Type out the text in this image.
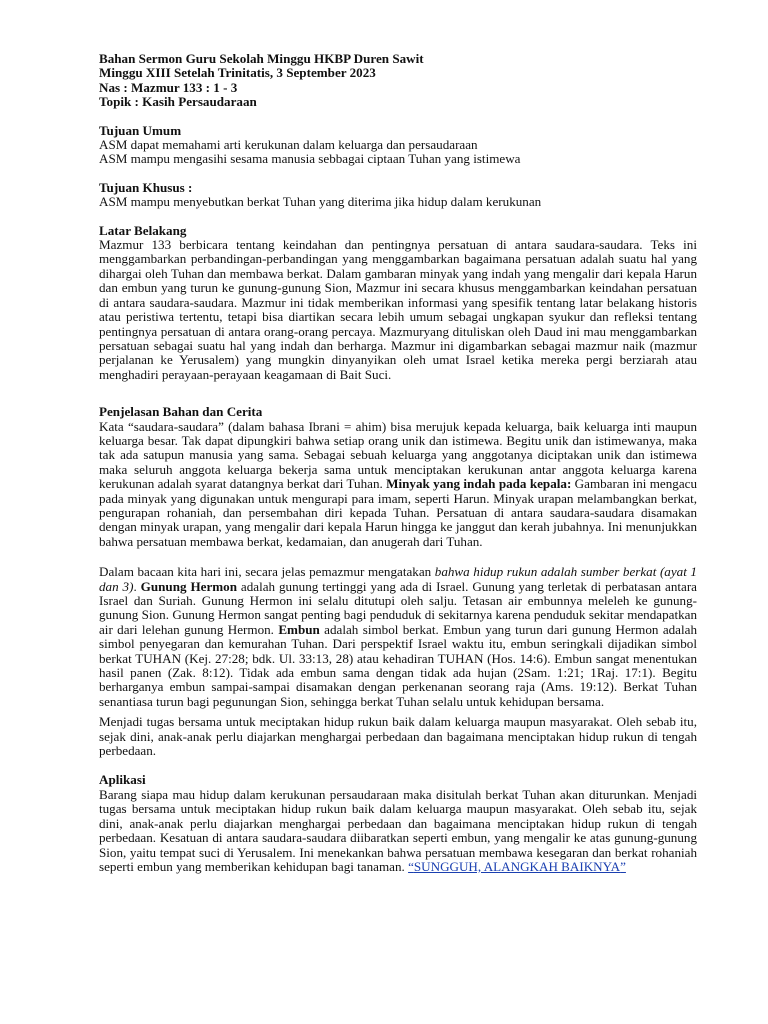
Bahan Sermon Guru Sekolah Minggu HKBP Duren Sawit
Minggu XIII Setelah Trinitatis, 3 September 2023
Nas : Mazmur 133 : 1 - 3
Topik : Kasih Persaudaraan
Tujuan Umum
ASM dapat memahami arti kerukunan dalam keluarga dan persaudaraan
ASM mampu mengasihi sesama manusia sebbagai ciptaan Tuhan yang istimewa
Tujuan Khusus :
ASM mampu menyebutkan berkat Tuhan yang diterima jika hidup dalam kerukunan
Latar Belakang

Mazmur 133 berbicara tentang keindahan dan pentingnya persatuan di antara saudara-saudara. Teks ini menggambarkan perbandingan-perbandingan yang menggambarkan bagaimana persatuan adalah suatu hal yang dihargai oleh Tuhan dan membawa berkat. Dalam gambaran minyak yang indah yang mengalir dari kepala Harun dan embun yang turun ke gunung-gunung Sion, Mazmur ini secara khusus menggambarkan keindahan persatuan di antara saudara-saudara. Mazmur ini tidak memberikan informasi yang spesifik tentang latar belakang historis atau peristiwa tertentu, tetapi bisa diartikan secara lebih umum sebagai ungkapan syukur dan refleksi tentang pentingnya persatuan di antara orang-orang percaya. Mazmuryang dituliskan oleh Daud ini mau menggambarkan persatuan sebagai suatu hal yang indah dan berharga. Mazmur ini digambarkan sebagai mazmur naik (mazmur perjalanan ke Yerusalem) yang mungkin dinyanyikan oleh umat Israel ketika mereka pergi berziarah atau menghadiri perayaan-perayaan keagamaan di Bait Suci.

Penjelasan Bahan dan Cerita

Kata “saudara-saudara” (dalam bahasa Ibrani = ahim) bisa merujuk kepada keluarga, baik keluarga inti maupun keluarga besar. Tak dapat dipungkiri bahwa setiap orang unik dan istimewa. Begitu unik dan istimewanya, maka tak ada satupun manusia yang sama. Sebagai sebuah keluarga yang anggotanya diciptakan unik dan istimewa maka seluruh anggota keluarga bekerja sama untuk menciptakan kerukunan antar anggota keluarga karena kerukunan adalah syarat datangnya berkat dari Tuhan. Minyak yang indah pada kepala: Gambaran ini mengacu pada minyak yang digunakan untuk mengurapi para imam, seperti Harun. Minyak urapan melambangkan berkat, pengurapan rohaniah, dan persembahan diri kepada Tuhan. Persatuan di antara saudara-saudara disamakan dengan minyak urapan, yang mengalir dari kepala Harun hingga ke janggut dan kerah jubahnya. Ini menunjukkan bahwa persatuan membawa berkat, kedamaian, dan anugerah dari Tuhan.

Dalam bacaan kita hari ini, secara jelas pemazmur mengatakan bahwa hidup rukun adalah sumber berkat (ayat 1 dan 3). Gunung Hermon adalah gunung tertinggi yang ada di Israel. Gunung yang terletak di perbatasan antara Israel dan Suriah. Gunung Hermon ini selalu ditutupi oleh salju. Tetasan air embunnya meleleh ke gunung-gunung Sion. Gunung Hermon sangat penting bagi penduduk di sekitarnya karena penduduk sekitar mendapatkan air dari lelehan gunung Hermon. Embun adalah simbol berkat. Embun yang turun dari gunung Hermon adalah simbol penyegaran dan kemurahan Tuhan. Dari perspektif Israel waktu itu, embun seringkali dijadikan simbol berkat TUHAN (Kej. 27:28; bdk. Ul. 33:13, 28) atau kehadiran TUHAN (Hos. 14:6). Embun sangat menentukan hasil panen (Zak. 8:12). Tidak ada embun sama dengan tidak ada hujan (2Sam. 1:21; 1Raj. 17:1). Begitu berharganya embun sampai-sampai disamakan dengan perkenanan seorang raja (Ams. 19:12). Berkat Tuhan senantiasa turun bagi pegunungan Sion, sehingga berkat Tuhan selalu untuk kehidupan bersama.

Menjadi tugas bersama untuk meciptakan hidup rukun baik dalam keluarga maupun masyarakat. Oleh sebab itu, sejak dini, anak-anak perlu diajarkan menghargai perbedaan dan bagaimana menciptakan hidup rukun di tengah perbedaan.

Aplikasi

Barang siapa mau hidup dalam kerukunan persaudaraan maka disitulah berkat Tuhan akan diturunkan. Menjadi tugas bersama untuk meciptakan hidup rukun baik dalam keluarga maupun masyarakat. Oleh sebab itu, sejak dini, anak-anak perlu diajarkan menghargai perbedaan dan bagaimana menciptakan hidup rukun di tengah perbedaan. Kesatuan di antara saudara-saudara diibaratkan seperti embun, yang mengalir ke atas gunung-gunung Sion, yaitu tempat suci di Yerusalem. Ini menekankan bahwa persatuan membawa kesegaran dan berkat rohaniah seperti embun yang memberikan kehidupan bagi tanaman. “SUNGGUH, ALANGKAH BAIKNYA”
